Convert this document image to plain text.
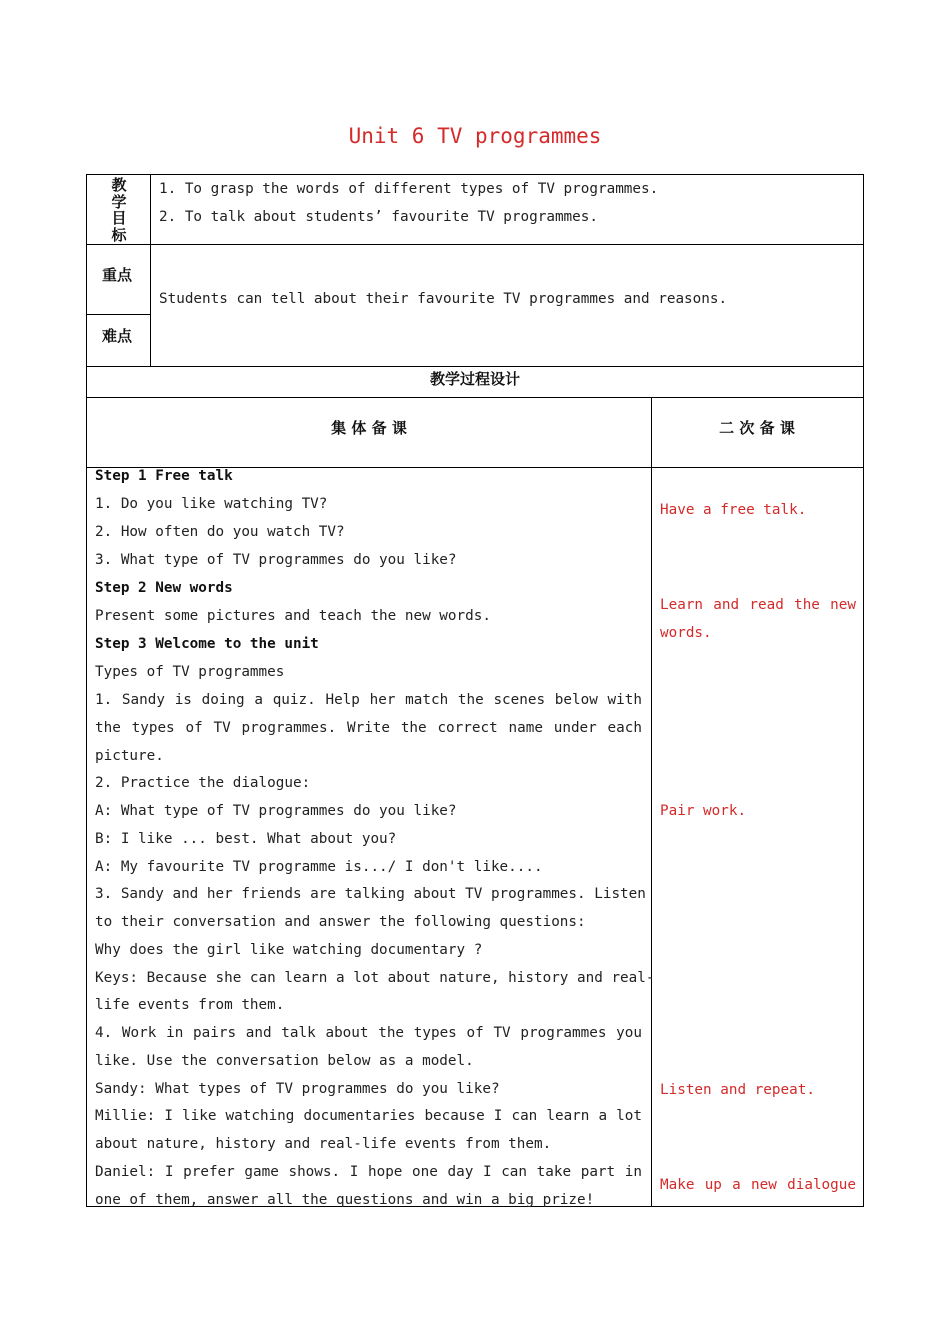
Unit 6 TV programmes
教
学
目
标
1. To grasp the words of different types of TV programmes.
2. To talk about students’ favourite TV programmes.
重点
难点
Students can tell about their favourite TV programmes and reasons.
教学过程设计
集 体 备 课	二 次 备 课
Step 1 Free talk
1. Do you like watching TV?
2. How often do you watch TV?
3. What type of TV programmes do you like?
Step 2 New words
Present some pictures and teach the new words.
Step 3 Welcome to the unit
Types of TV programmes
1. Sandy is doing a quiz. Help her match the scenes below with
the types of TV programmes. Write the correct name under each
picture.
2. Practice the dialogue:
A: What type of TV programmes do you like?
B: I like ... best. What about you?
A: My favourite TV programme is.../ I don't like....
3. Sandy and her friends are talking about TV programmes. Listen
to their conversation and answer the following questions:
Why does the girl like watching documentary ?
Keys: Because she can learn a lot about nature, history and real-
life events from them.
4. Work in pairs and talk about the types of TV programmes you
like. Use the conversation below as a model.
Sandy: What types of TV programmes do you like?
Millie: I like watching documentaries because I can learn a lot
about nature, history and real-life events from them.
Daniel: I prefer game shows. I hope one day I can take part in
one of them, answer all the questions and win a big prize!
Have a free talk.
Learn and read the new
words.
Pair work.
Listen and repeat.
Make up a new dialogue
